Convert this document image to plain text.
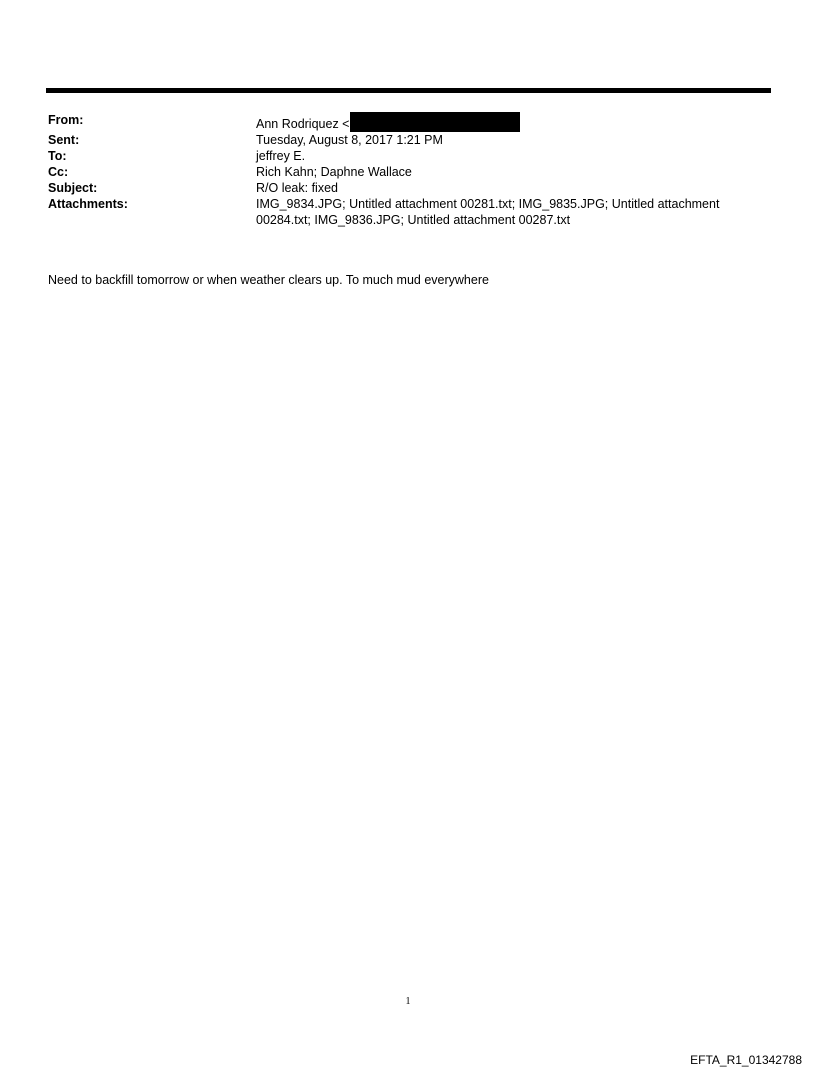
From:	Ann Rodriquez <
Sent:	Tuesday, August 8, 2017 1:21 PM
To:	jeffrey E.
Cc:	Rich Kahn; Daphne Wallace
Subject:	R/O leak: fixed
Attachments:	IMG_9834.JPG; Untitled attachment 00281.txt; IMG_9835.JPG; Untitled attachment 00284.txt; IMG_9836.JPG; Untitled attachment 00287.txt
Need to backfill tomorrow or when weather clears up. To much mud everywhere
1
EFTA_R1_01342788
